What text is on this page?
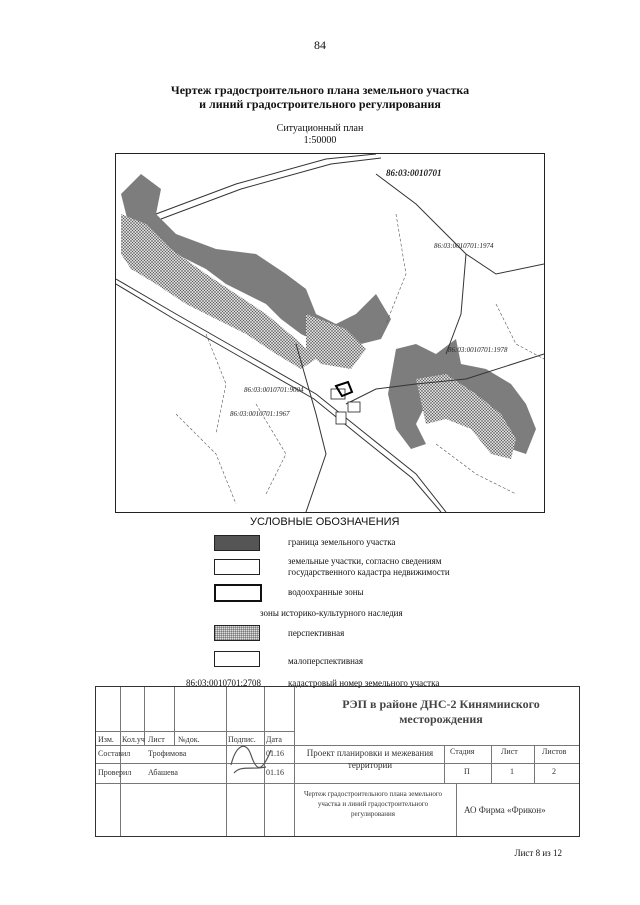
84
Чертеж градостроительного плана земельного участка
и линий градостроительного регулирования
Ситуационный план
1:50000
86:03:0010701
86:03:0010701:1974
86:03:0010701:1978
86:03:0010701:9004
86:03:0010701:1967
УСЛОВНЫЕ ОБОЗНАЧЕНИЯ
граница земельного участка
земельные участки, согласно сведениям государственного кадастра недвижимости
водоохранные зоны
зоны историко-культурного наследия
перспективная
малоперспективная
86:03:0010701:2708	кадастровый номер земельного участка
РЭП в районе ДНС-2 Кинямииского месторождения
Изм. Кол.уч Лист №док.	Подпис. Дата
Составил Трофимова	01.16
Проверил Абашева	01.16
Проект планировки и межевания территории
Стадия	Лист	Листов
П	1	2
Чертеж градостроительного плана земельного участка и линий градостроительного регулирования	АО Фирма «Фрикон»
Лист 8 из 12
